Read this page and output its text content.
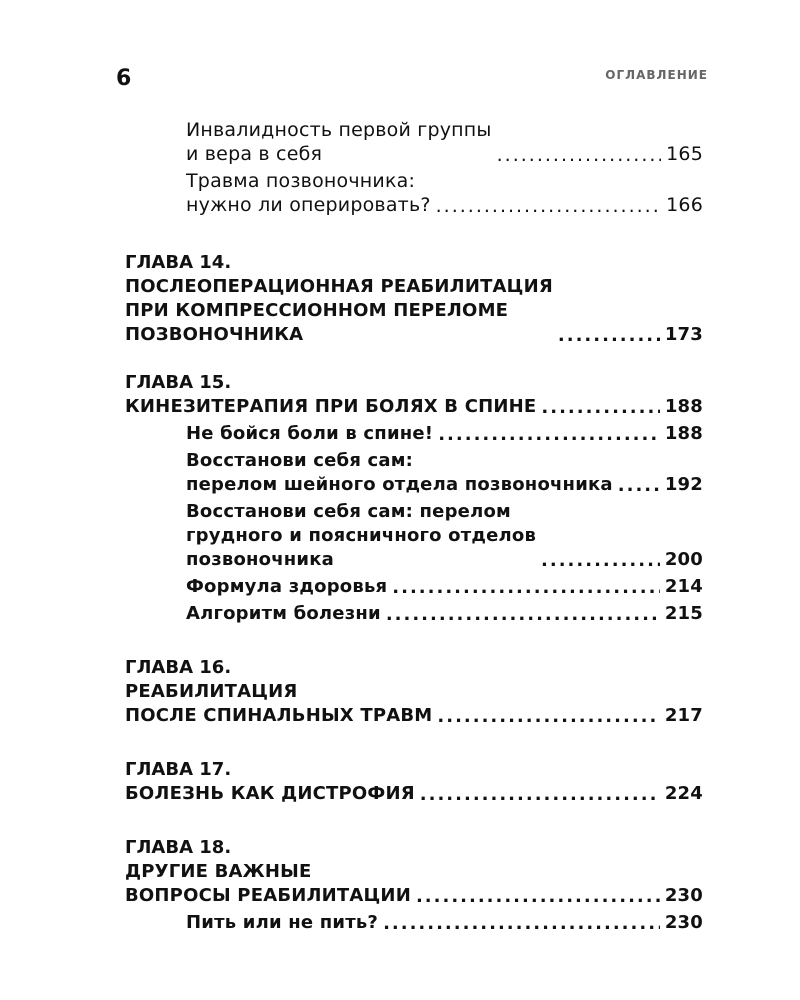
6	ОГЛАВЛЕНИЕ
Инвалидность первой группы
и вера в себя .....	165
Травма позвоночника:
нужно ли оперировать? .....	166
ГЛАВА 14.
ПОСЛЕОПЕРАЦИОННАЯ РЕАБИЛИТАЦИЯ
ПРИ КОМПРЕССИОННОМ ПЕРЕЛОМЕ
ПОЗВОНОЧНИКА .....	173
ГЛАВА 15.
КИНЕЗИТЕРАПИЯ ПРИ БОЛЯХ В СПИНЕ .....	188
Не бойся боли в спине! .....	188
Восстанови себя сам:
перелом шейного отдела позвоночника .....	192
Восстанови себя сам: перелом
грудного и поясничного отделов
позвоночника .....	200
Формула здоровья .....	214
Алгоритм болезни .....	215
ГЛАВА 16.
РЕАБИЛИТАЦИЯ
ПОСЛЕ СПИНАЛЬНЫХ ТРАВМ .....	217
ГЛАВА 17.
БОЛЕЗНЬ КАК ДИСТРОФИЯ .....	224
ГЛАВА 18.
ДРУГИЕ ВАЖНЫЕ
ВОПРОСЫ РЕАБИЛИТАЦИИ .....	230
Пить или не пить? .....	230
